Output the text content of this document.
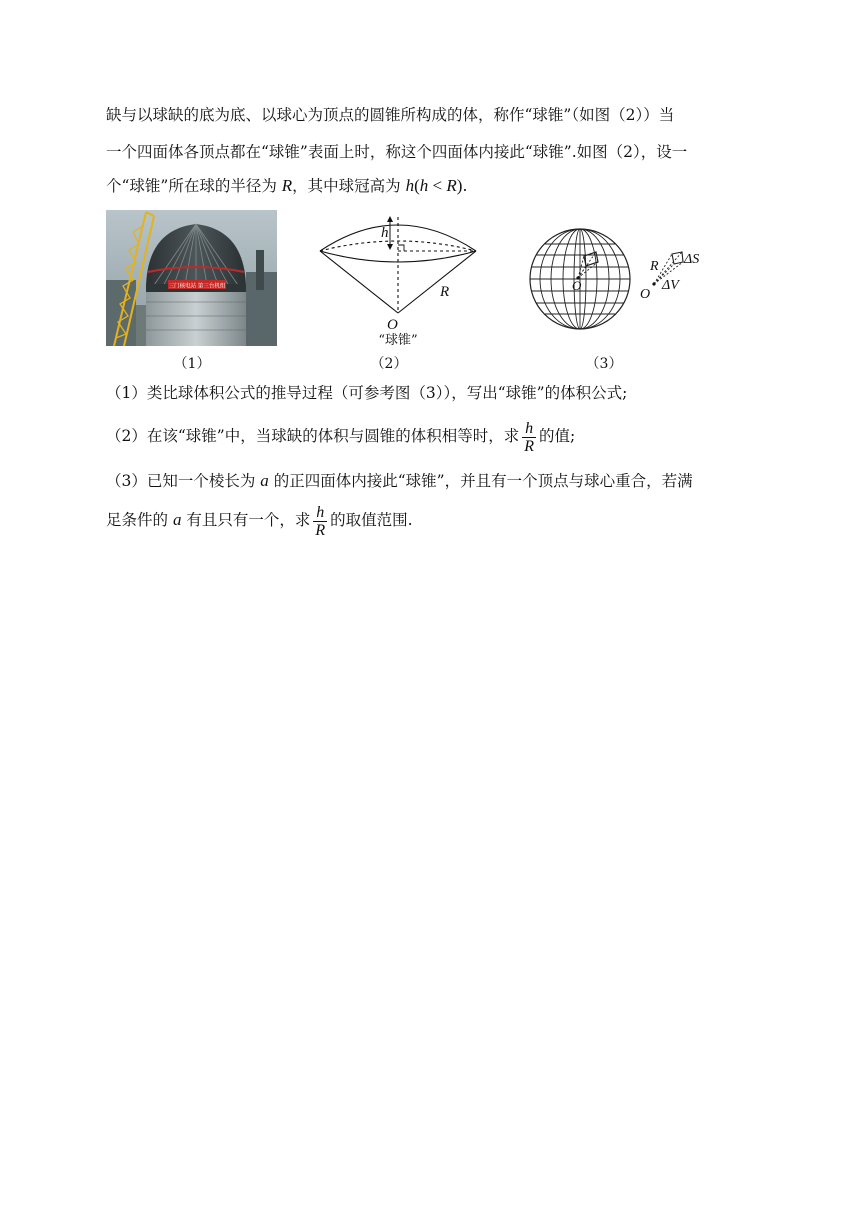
缺与以球缺的底为底、以球心为顶点的圆锥所构成的体，称作“球锥”（如图（2））当
一个四面体各顶点都在“球锥”表面上时，称这个四面体内接此“球锥”.如图（2），设一
个“球锥”所在球的半径为 R，其中球冠高为 h(h < R).
三门核电站 第三台机组
（1）
h
R
O
“球锥”
（2）
O
O
R ΔS
ΔV
（3）
（1）类比球体积公式的推导过程（可参考图（3）），写出“球锥”的体积公式;
（2）在该“球锥”中，当球缺的体积与圆锥的体积相等时，求 $\frac{h}{R}$ 的值;
（3）已知一个棱长为 a 的正四面体内接此“球锥”，并且有一个顶点与球心重合，若满
足条件的 a 有且只有一个，求 $\frac{h}{R}$ 的取值范围.
